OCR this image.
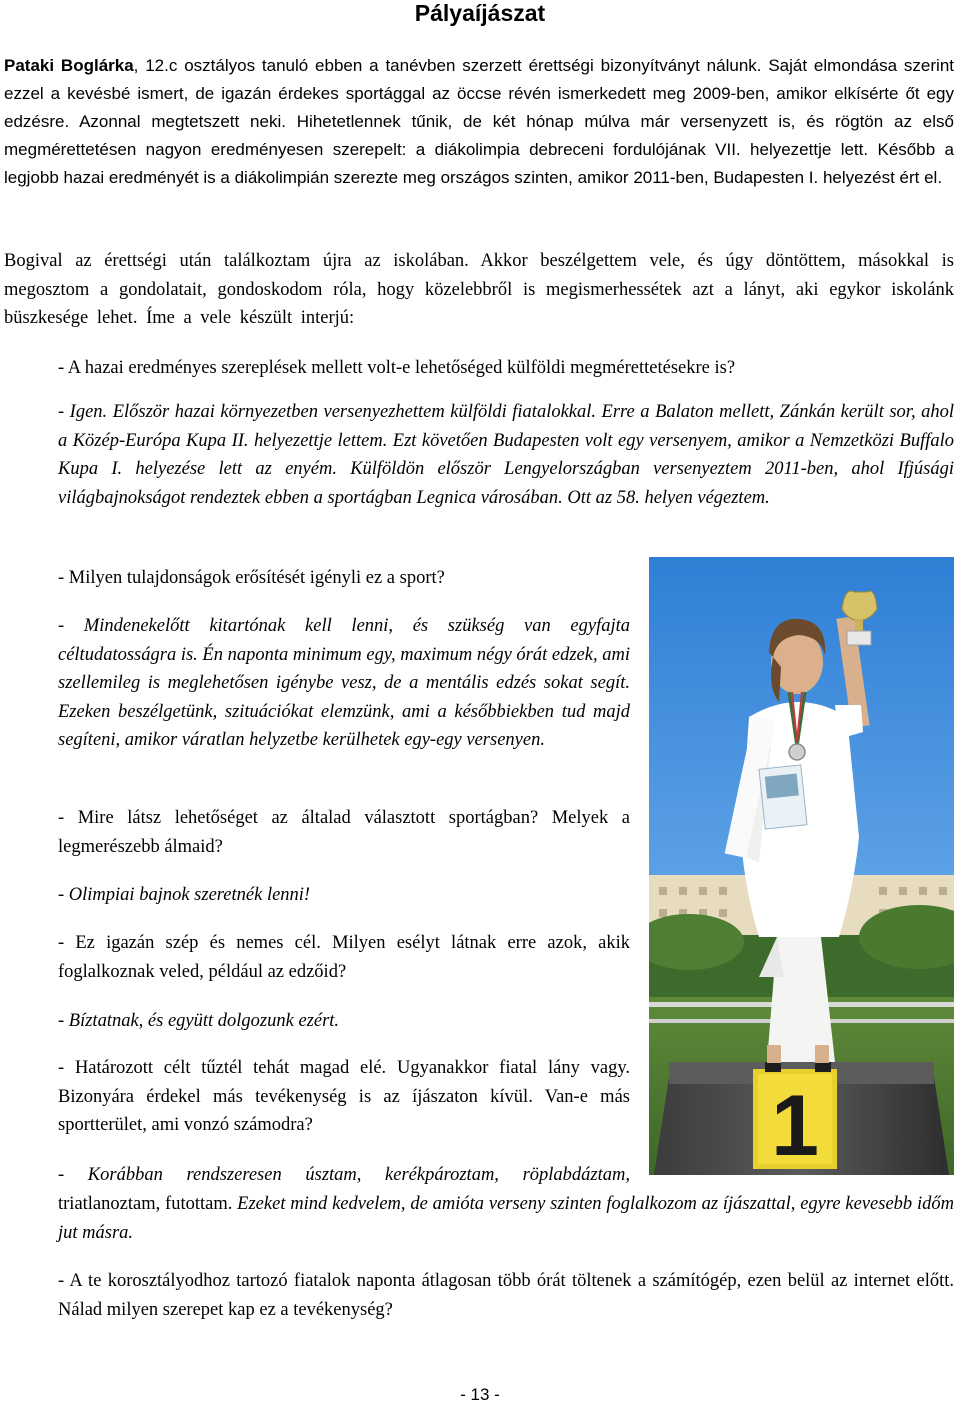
Pályaíjászat

Pataki Boglárka, 12.c osztályos tanuló ebben a tanévben szerzett érettségi bizonyítványt nálunk. Saját elmondása szerint ezzel a kevésbé ismert, de igazán érdekes sportággal az öccse révén ismerkedett meg 2009-ben, amikor elkísérte őt egy edzésre. Azonnal megtetszett neki. Hihetetlennek tűnik, de két hónap múlva már versenyzett is, és rögtön az első megmérettetésen nagyon eredményesen szerepelt: a diákolimpia debreceni fordulójának VII. helyezettje lett. Később a legjobb hazai eredményét is a diákolimpián szerezte meg országos szinten, amikor 2011-ben, Budapesten I. helyezést ért el.

Bogival az érettségi után találkoztam újra az iskolában. Akkor beszélgettem vele, és úgy döntöttem, másokkal is megosztom a gondolatait, gondoskodom róla, hogy közelebbről is megismerhessétek azt a lányt, aki egykor iskolánk büszkesége lehet. Íme a vele készült interjú:

- A hazai eredményes szereplések mellett volt-e lehetőséged külföldi megmérettetésekre is?

- Igen. Először hazai környezetben versenyezhettem külföldi fiatalokkal. Erre a Balaton mellett, Zánkán került sor, ahol a Közép-Európa Kupa II. helyezettje lettem. Ezt követően Budapesten volt egy versenyem, amikor a Nemzetközi Buffalo Kupa I. helyezése lett az enyém. Külföldön először Lengyelországban versenyeztem 2011-ben, ahol Ifjúsági világbajnokságot rendeztek ebben a sportágban Legnica városában. Ott az 58. helyen végeztem.

- Milyen tulajdonságok erősítését igényli ez a sport?

- Mindenekelőtt kitartónak kell lenni, és szükség van egyfajta céltudatosságra is. Én naponta minimum egy, maximum négy órát edzek, ami szellemileg is meglehetősen igénybe vesz, de a mentális edzés sokat segít. Ezeken beszélgetünk, szituációkat elemzünk, ami a későbbiekben tud majd segíteni, amikor váratlan helyzetbe kerülhetek egy-egy versenyen.

- Mire látsz lehetőséget az általad választott sportágban? Melyek a legmerészebb álmaid?

- Olimpiai bajnok szeretnék lenni!

- Ez igazán szép és nemes cél. Milyen esélyt látnak erre azok, akik foglalkoznak veled, például az edzőid?

- Bíztatnak, és együtt dolgozunk ezért.

- Határozott célt tűztél tehát magad elé. Ugyanakkor fiatal lány vagy. Bizonyára érdekel más tevékenység is az íjászaton kívül. Van-e más sportterület, ami vonzó számodra?

- Korábban rendszeresen úsztam, kerékpároztam, röplabdáztam,

triatlanoztam, futottam. Ezeket mind kedvelem, de amióta verseny szinten foglalkozom az íjászattal, egyre kevesebb időm jut másra.

- A te korosztályodhoz tartozó fiatalok naponta átlagosan több órát töltenek a számítógép, ezen belül az internet előtt. Nálad milyen szerepet kap ez a tevékenység?

1
- 13 -
